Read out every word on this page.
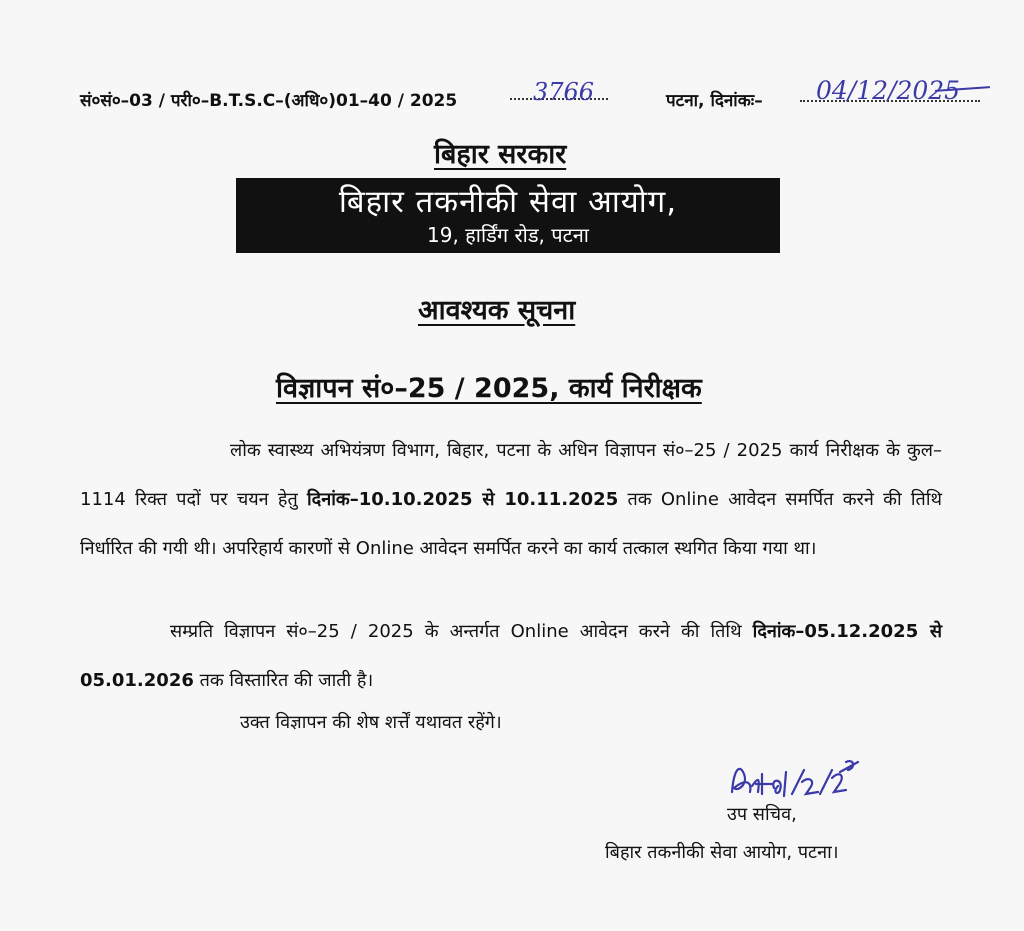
सं०सं०–03 / परी०–B.T.S.C–(अधि०)01–40 / 2025	3766	पटना, दिनांकः– 04/12/2025
बिहार सरकार
बिहार तकनीकी सेवा आयोग,
19, हार्डिंग रोड, पटना
आवश्यक सूचना
विज्ञापन सं०–25 / 2025, कार्य निरीक्षक
लोक स्वास्थ्य अभियंत्रण विभाग, बिहार, पटना के अधिन विज्ञापन सं०–25 / 2025 कार्य निरीक्षक के कुल–1114 रिक्त पदों पर चयन हेतु दिनांक–10.10.2025 से 10.11.2025 तक Online आवेदन समर्पित करने की तिथि निर्धारित की गयी थी। अपरिहार्य कारणों से Online आवेदन समर्पित करने का कार्य तत्काल स्थगित किया गया था।
सम्प्रति विज्ञापन सं०–25 / 2025 के अन्तर्गत Online आवेदन करने की तिथि दिनांक–05.12.2025 से 05.01.2026 तक विस्तारित की जाती है।
उक्त विज्ञापन की शेष शर्त्तें यथावत रहेंगे।
उप सचिव,
बिहार तकनीकी सेवा आयोग, पटना।
